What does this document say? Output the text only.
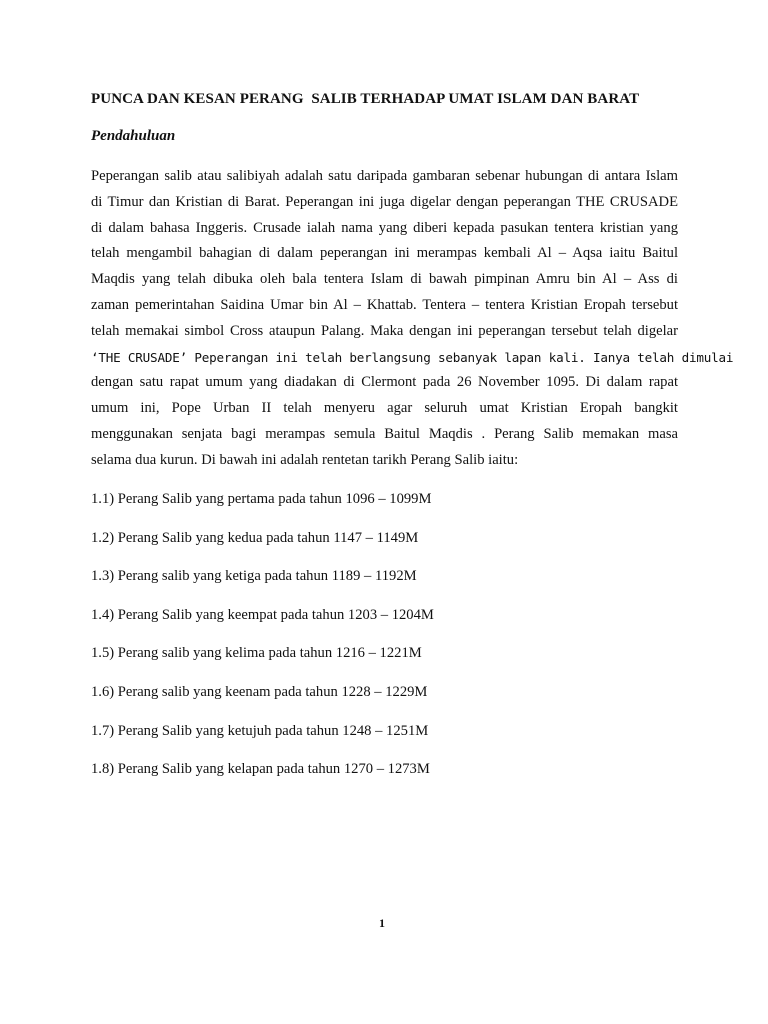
PUNCA DAN KESAN PERANG  SALIB TERHADAP UMAT ISLAM DAN BARAT
Pendahuluan
Peperangan salib atau salibiyah adalah satu daripada gambaran sebenar hubungan di antara Islam
di Timur dan Kristian di Barat. Peperangan ini juga digelar dengan peperangan THE CRUSADE
di dalam bahasa Inggeris. Crusade ialah nama yang diberi kepada pasukan tentera kristian yang
telah mengambil bahagian di dalam peperangan ini merampas kembali Al – Aqsa iaitu Baitul
Maqdis yang telah dibuka oleh bala tentera Islam di bawah pimpinan Amru bin Al – Ass di
zaman pemerintahan Saidina Umar bin Al – Khattab. Tentera – tentera Kristian Eropah tersebut
telah memakai simbol Cross ataupun Palang. Maka dengan ini peperangan tersebut telah digelar
‘THE CRUSADE’ Peperangan ini telah berlangsung sebanyak lapan kali. Ianya telah dimulai
dengan satu rapat umum yang diadakan di Clermont pada 26 November 1095. Di dalam rapat
umum ini, Pope Urban II telah menyeru agar seluruh umat Kristian Eropah bangkit
menggunakan senjata bagi merampas semula Baitul Maqdis . Perang Salib memakan masa
selama dua kurun. Di bawah ini adalah rentetan tarikh Perang Salib iaitu:
1.1) Perang Salib yang pertama pada tahun 1096 – 1099M
1.2) Perang Salib yang kedua pada tahun 1147 – 1149M
1.3) Perang salib yang ketiga pada tahun 1189 – 1192M
1.4) Perang Salib yang keempat pada tahun 1203 – 1204M
1.5) Perang salib yang kelima pada tahun 1216 – 1221M
1.6) Perang salib yang keenam pada tahun 1228 – 1229M
1.7) Perang Salib yang ketujuh pada tahun 1248 – 1251M
1.8) Perang Salib yang kelapan pada tahun 1270 – 1273M
1
